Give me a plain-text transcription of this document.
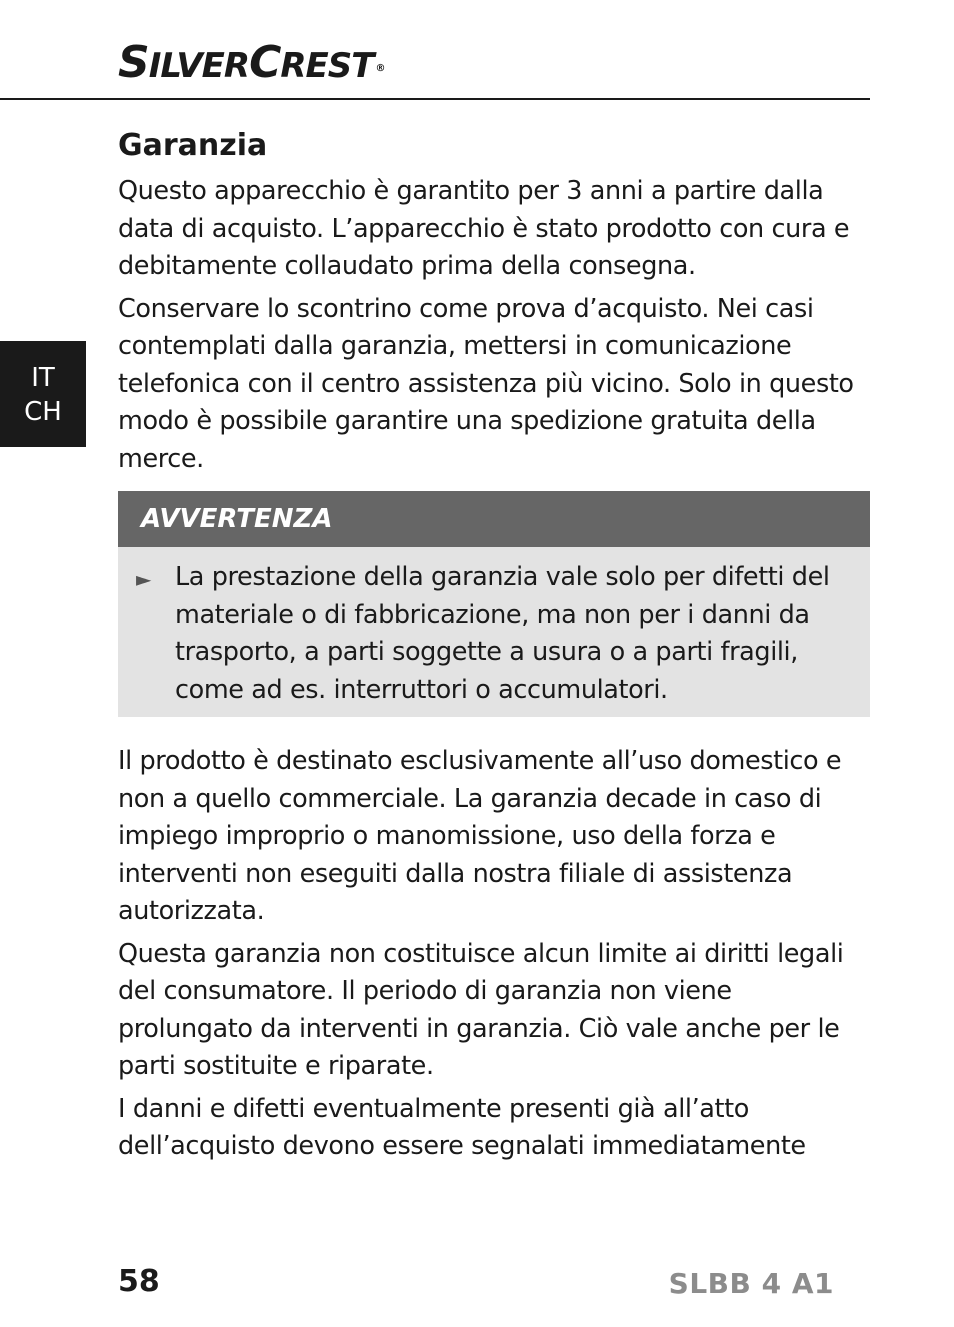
SILVERCREST ®
IT
CH
Garanzia

Questo apparecchio è garantito per 3 anni a partire dalla data di acquisto. L’apparecchio è stato prodotto con cura e debitamente collaudato prima della consegna.

Conservare lo scontrino come prova d’acquisto. Nei casi contemplati dalla garanzia, mettersi in comunicazione telefonica con il centro assistenza più vicino. Solo in questo modo è possibile garantire una spedizione gratuita della merce.

AVVERTENZA
► La prestazione della garanzia vale solo per difetti del materiale o di fabbricazione, ma non per i danni da trasporto, a parti soggette a usura o a parti fragili, come ad es. interruttori o accumulatori.

Il prodotto è destinato esclusivamente all’uso domestico e non a quello commerciale. La garanzia decade in caso di impiego improprio o manomissione, uso della forza e interventi non eseguiti dalla nostra filiale di assistenza autorizzata.

Questa garanzia non costituisce alcun limite ai diritti legali del consumatore. Il periodo di garanzia non viene prolungato da interventi in garanzia. Ciò vale anche per le parti sostituite e riparate.

I danni e difetti eventualmente presenti già all’atto dell’acquisto devono essere segnalati immediatamente

58	SLBB 4 A1
